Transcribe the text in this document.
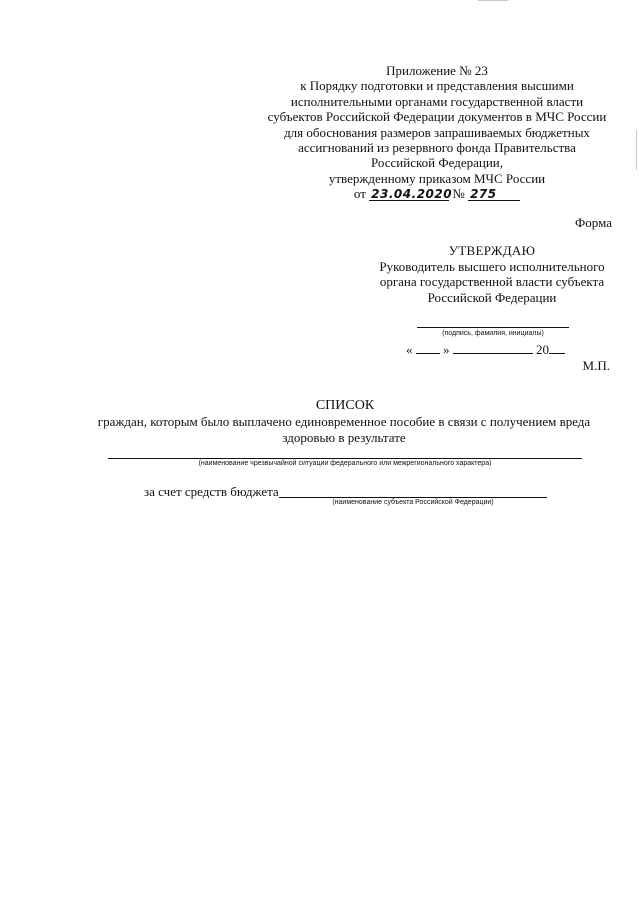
Приложение № 23
к Порядку подготовки и представления высшими
исполнительными органами государственной власти
субъектов Российской Федерации документов в МЧС России
для обоснования размеров запрашиваемых бюджетных
ассигнований из резервного фонда Правительства
Российской Федерации,
утвержденному приказом МЧС России
от 23.04.2020 № 275
Форма
УТВЕРЖДАЮ
Руководитель высшего исполнительного
органа государственной власти субъекта
Российской Федерации
(подпись, фамилия, инициалы)
« »	20
М.П.
СПИСОК
граждан, которым было выплачено единовременное пособие в связи с получением вреда
здоровью в результате
(наименование чрезвычайной ситуации федерального или межрегионального характера)
за счет средств бюджета
(наименование субъекта Российской Федерации)
